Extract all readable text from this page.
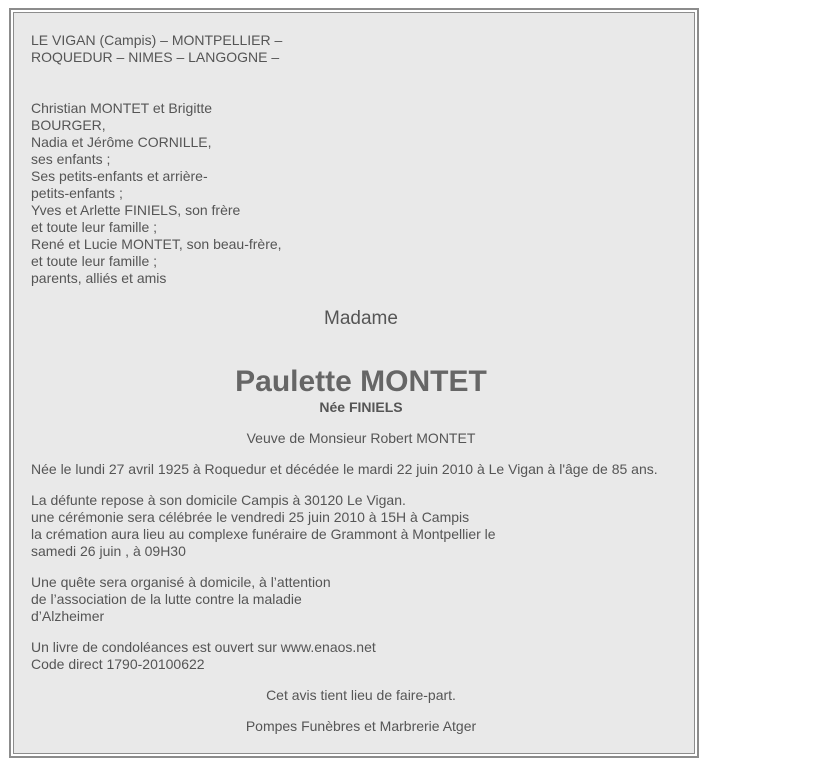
LE VIGAN (Campis) – MONTPELLIER –
ROQUEDUR – NIMES – LANGOGNE –
Christian MONTET et Brigitte
BOURGER,
Nadia et Jérôme CORNILLE,
ses enfants ;
Ses petits-enfants et arrière-
petits-enfants ;
Yves et Arlette FINIELS, son frère
et toute leur famille ;
René et Lucie MONTET, son beau-frère,
et toute leur famille ;
parents, alliés et amis
Madame
Paulette MONTET
Née FINIELS
Veuve de Monsieur Robert MONTET
Née le lundi 27 avril 1925 à Roquedur et décédée le mardi 22 juin 2010 à Le Vigan à l'âge de 85 ans.
La défunte repose à son domicile Campis à 30120 Le Vigan.
une cérémonie sera célébrée le vendredi 25 juin 2010 à 15H à Campis
la crémation aura lieu au complexe funéraire de Grammont à Montpellier le
samedi 26 juin , à 09H30
Une quête sera organisé à domicile, à l’attention
de l’association de la lutte contre la maladie
d’Alzheimer
Un livre de condoléances est ouvert sur www.enaos.net
Code direct 1790-20100622
Cet avis tient lieu de faire-part.
Pompes Funèbres et Marbrerie Atger
